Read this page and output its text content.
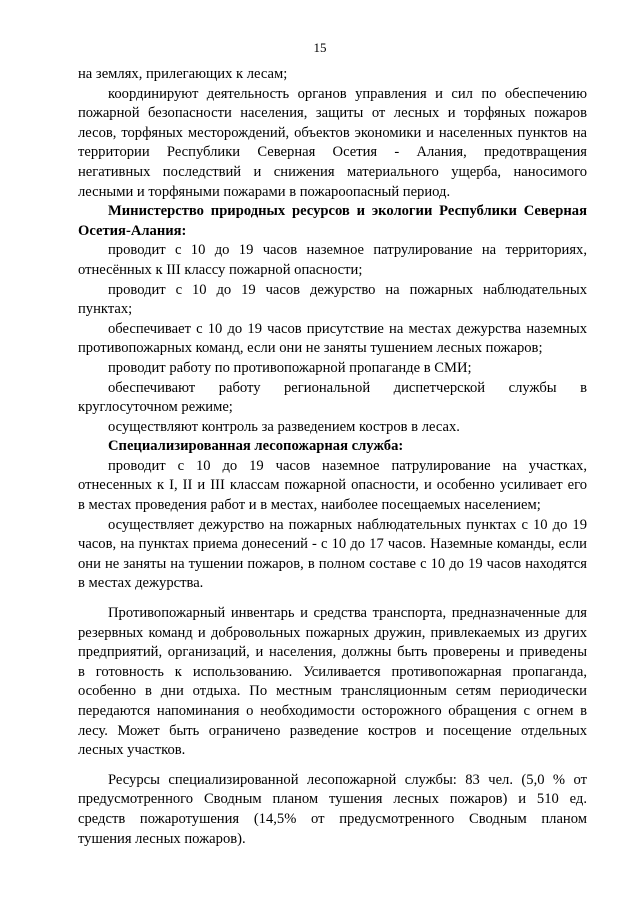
15
на землях, прилегающих к лесам;
координируют деятельность органов управления и сил по обеспечению
пожарной безопасности населения, защиты от лесных и торфяных пожаров
лесов, торфяных месторождений, объектов экономики и населенных пунктов на
территории Республики Северная Осетия - Алания, предотвращения
негативных последствий и снижения материального ущерба, наносимого
лесными и торфяными пожарами в пожароопасный период.
Министерство природных ресурсов и экологии Республики Северная
Осетия-Алания:
проводит с 10 до 19 часов наземное патрулирование на территориях,
отнесённых к III классу пожарной опасности;
проводит с 10 до 19 часов дежурство на пожарных наблюдательных
пунктах;
обеспечивает с 10 до 19 часов присутствие на местах дежурства наземных
противопожарных команд, если они не заняты тушением лесных пожаров;
проводит работу по противопожарной пропаганде в СМИ;
обеспечивают работу региональной диспетчерской службы в
круглосуточном режиме;
осуществляют контроль за разведением костров в лесах.
Специализированная лесопожарная служба:
проводит с 10 до 19 часов наземное патрулирование на участках,
отнесенных к I, II и III классам пожарной опасности, и особенно усиливает его
в местах проведения работ и в местах, наиболее посещаемых населением;
осуществляет дежурство на пожарных наблюдательных пунктах с 10 до 19
часов, на пунктах приема донесений - с 10 до 17 часов. Наземные команды, если
они не заняты на тушении пожаров, в полном составе с 10 до 19 часов находятся
в местах дежурства.
Противопожарный инвентарь и средства транспорта, предназначенные для
резервных команд и добровольных пожарных дружин, привлекаемых из других
предприятий, организаций, и населения, должны быть проверены и приведены
в готовность к использованию. Усиливается противопожарная пропаганда,
особенно в дни отдыха. По местным трансляционным сетям периодически
передаются напоминания о необходимости осторожного обращения с огнем в
лесу. Может быть ограничено разведение костров и посещение отдельных
лесных участков.
Ресурсы специализированной лесопожарной службы: 83 чел. (5,0 % от
предусмотренного Сводным планом тушения лесных пожаров) и 510 ед.
средств пожаротушения (14,5% от предусмотренного Сводным планом
тушения лесных пожаров).
